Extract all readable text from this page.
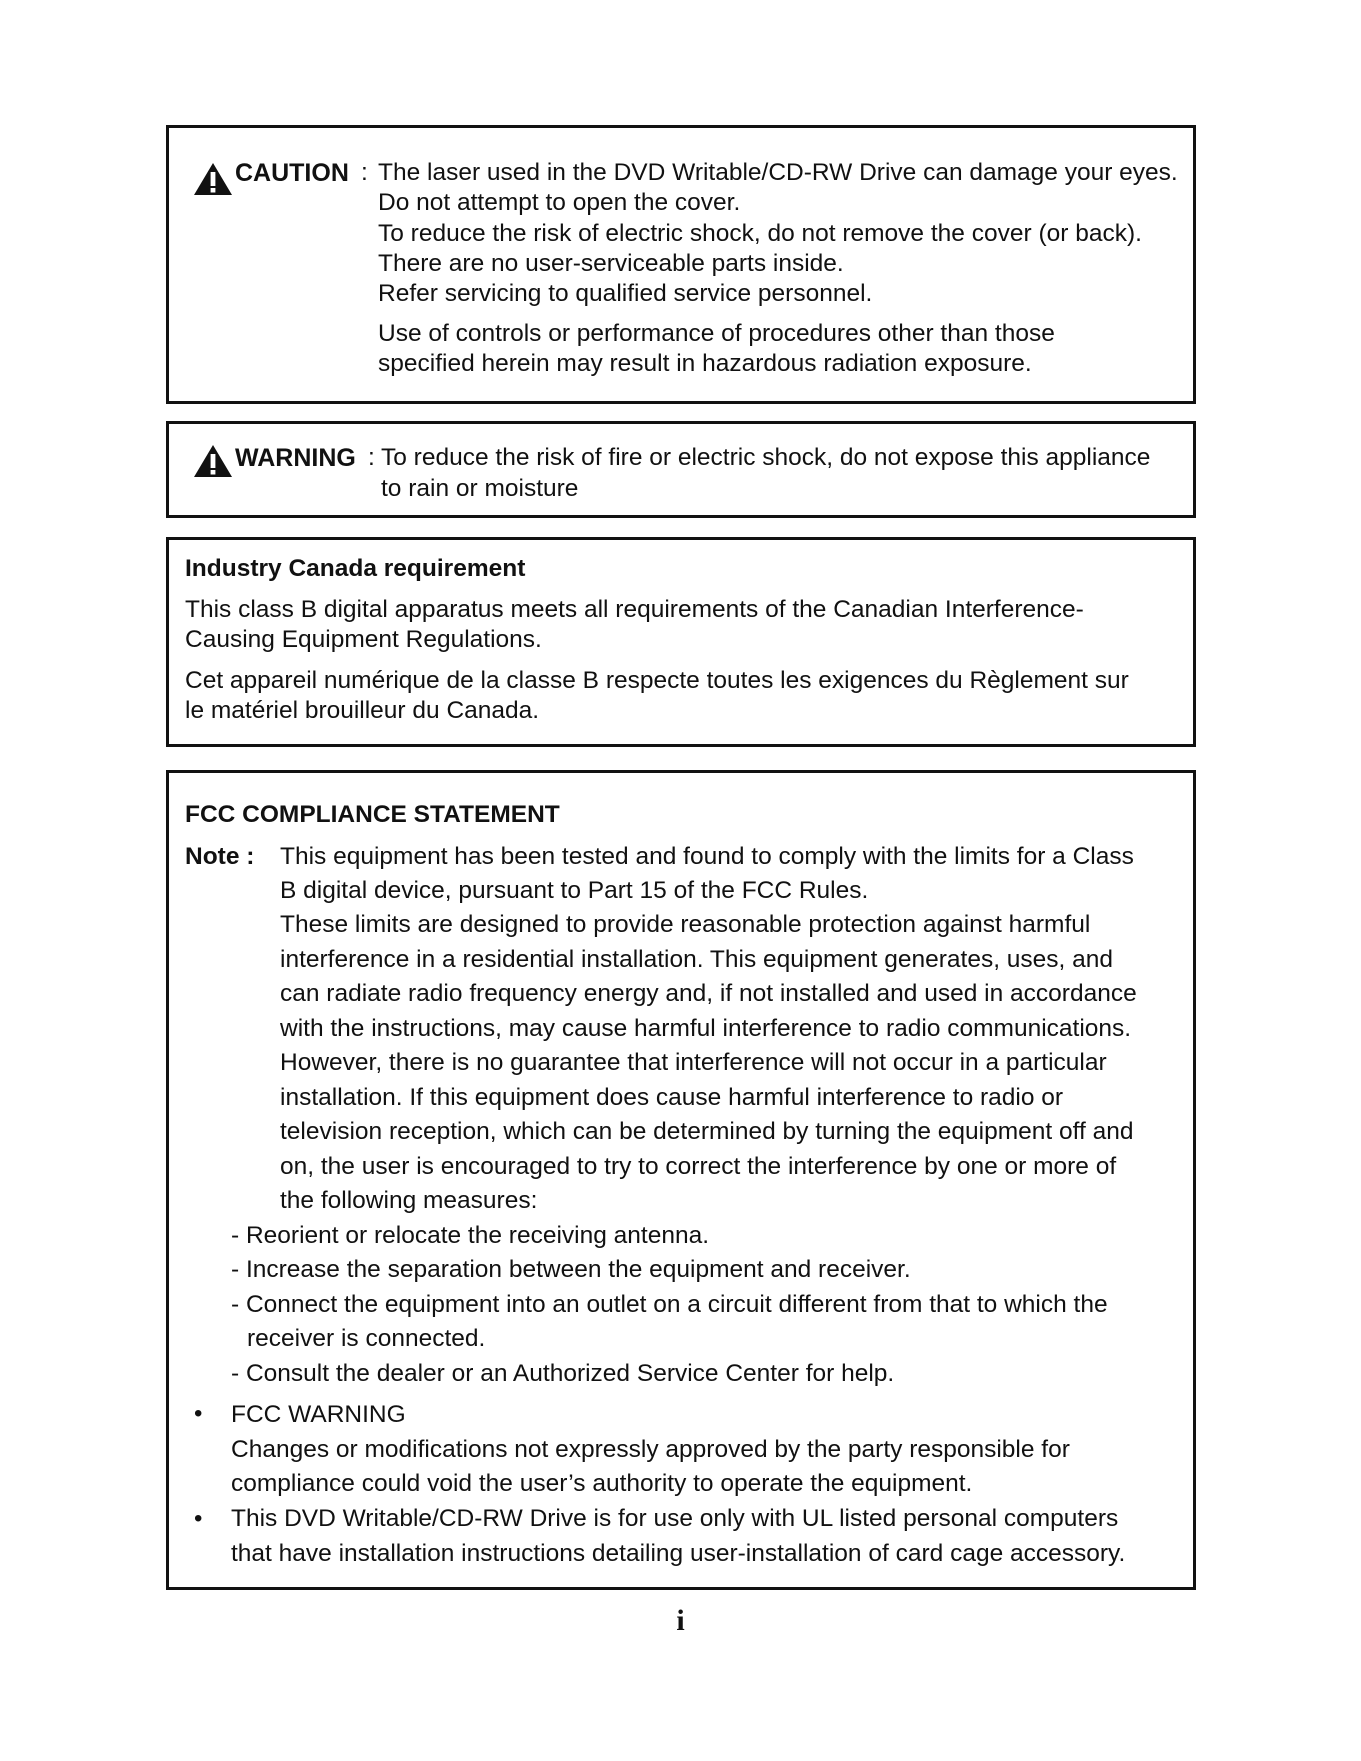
CAUTION : The laser used in the DVD Writable/CD-RW Drive can damage your eyes.
Do not attempt to open the cover.
To reduce the risk of electric shock, do not remove the cover (or back).
There are no user-serviceable parts inside.
Refer servicing to qualified service personnel.
Use of controls or performance of procedures other than those
specified herein may result in hazardous radiation exposure.
WARNING : To reduce the risk of fire or electric shock, do not expose this appliance
to rain or moisture
Industry Canada requirement
This class B digital apparatus meets all requirements of the Canadian Interference-
Causing Equipment Regulations.
Cet appareil numérique de la classe B respecte toutes les exigences du Règlement sur
le matériel brouilleur du Canada.
FCC COMPLIANCE STATEMENT
Note : This equipment has been tested and found to comply with the limits for a Class
B digital device, pursuant to Part 15 of the FCC Rules.
These limits are designed to provide reasonable protection against harmful
interference in a residential installation. This equipment generates, uses, and
can radiate radio frequency energy and, if not installed and used in accordance
with the instructions, may cause harmful interference to radio communications.
However, there is no guarantee that interference will not occur in a particular
installation. If this equipment does cause harmful interference to radio or
television reception, which can be determined by turning the equipment off and
on, the user is encouraged to try to correct the interference by one or more of
the following measures:
- Reorient or relocate the receiving antenna.
- Increase the separation between the equipment and receiver.
- Connect the equipment into an outlet on a circuit different from that to which the
receiver is connected.
- Consult the dealer or an Authorized Service Center for help.
• FCC WARNING
Changes or modifications not expressly approved by the party responsible for
compliance could void the user’s authority to operate the equipment.
• This DVD Writable/CD-RW Drive is for use only with UL listed personal computers
that have installation instructions detailing user-installation of card cage accessory.
i
